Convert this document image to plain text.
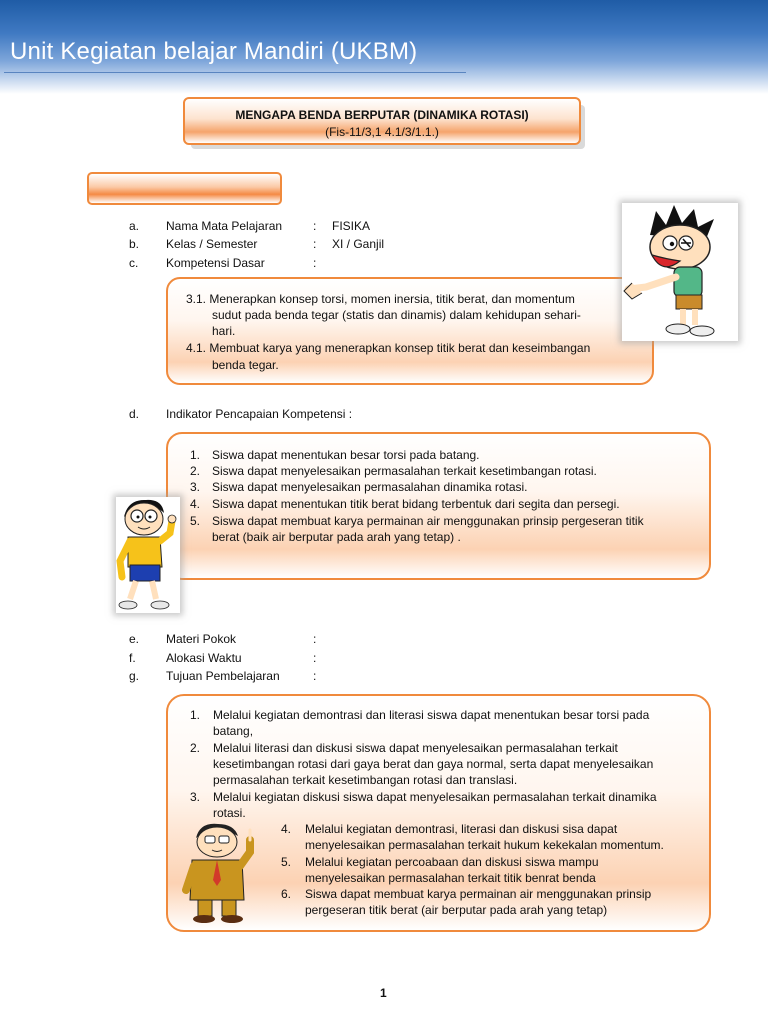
Unit Kegiatan belajar Mandiri (UKBM)
MENGAPA BENDA BERPUTAR (DINAMIKA ROTASI)
(Fis-11/3,1 4.1/3/1.1.)
a. Nama Mata Pelajaran	: FISIKA
b. Kelas / Semester	: XI / Ganjil
c. Kompetensi Dasar	:
3.1. Menerapkan konsep torsi, momen inersia, titik berat, dan momentum
sudut pada benda tegar (statis dan dinamis) dalam kehidupan sehari-
hari.
4.1. Membuat karya yang menerapkan konsep titik berat dan keseimbangan
benda tegar.
d. Indikator Pencapaian Kompetensi :
1. Siswa dapat menentukan besar torsi pada batang.
2. Siswa dapat menyelesaikan permasalahan terkait kesetimbangan rotasi.
3. Siswa dapat menyelesaikan permasalahan dinamika rotasi.
4. Siswa dapat menentukan titik berat bidang terbentuk dari segita dan persegi.
5. Siswa dapat membuat karya permainan air menggunakan prinsip pergeseran titik
berat (baik air berputar pada arah yang tetap) .
e. Materi Pokok	:
f.	Alokasi Waktu	:
g. Tujuan Pembelajaran	:
1. Melalui kegiatan demontrasi dan literasi siswa dapat menentukan besar torsi pada
batang,
2. Melalui literasi dan diskusi siswa dapat menyelesaikan permasalahan terkait
kesetimbangan rotasi dari gaya berat dan gaya normal, serta dapat menyelesaikan
permasalahan terkait kesetimbangan rotasi dan translasi.
3. Melalui kegiatan diskusi siswa dapat menyelesaikan permasalahan terkait dinamika
rotasi.
4. Melalui kegiatan demontrasi, literasi dan diskusi sisa dapat
menyelesaikan permasalahan terkait hukum kekekalan momentum.
5. Melalui kegiatan percoabaan dan diskusi siswa mampu
menyelesaikan permasalahan terkait titik benrat benda
6. Siswa dapat membuat karya permainan air menggunakan prinsip
pergeseran titik berat (air berputar pada arah yang tetap)
1
